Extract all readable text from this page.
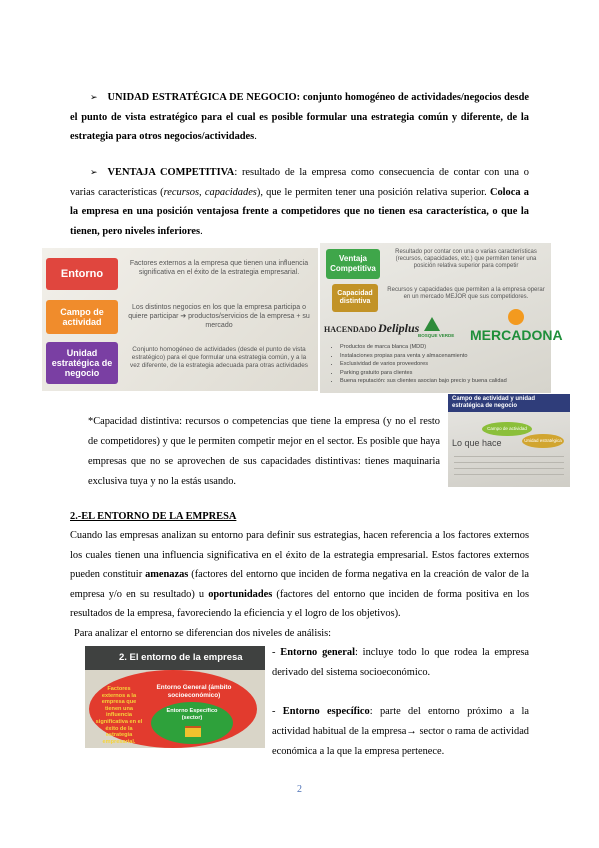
➢ UNIDAD ESTRATÉGICA DE NEGOCIO: conjunto homogéneo de actividades/negocios desde el punto de vista estratégico para el cual es posible formular una estrategia común y diferente, de la estrategia para otros negocios/actividades.

➢ VENTAJA COMPETITIVA: resultado de la empresa como consecuencia de contar con una o varias características (recursos, capacidades), que le permiten tener una posición relativa superior. Coloca a la empresa en una posición ventajosa frente a competidores que no tienen esa característica, o que la tienen, pero niveles inferiores.

Entorno
Factores externos a la empresa que tienen una influencia significativa en el éxito de la estrategia empresarial.
Campo de actividad
Los distintos negocios en los que la empresa participa o quiere participar ➔ productos/servicios de la empresa + su mercado
Unidad estratégica de negocio
Conjunto homogéneo de actividades (desde el punto de vista estratégico) para el que formular una estrategia común, y a la vez diferente, de la estrategia adecuada para otras actividades
Ventaja Competitiva
Resultado por contar con una o varias características (recursos, capacidades, etc.) que permiten tener una posición relativa superior para competir
Capacidad distintiva
Recursos y capacidades que permiten a la empresa operar en un mercado MEJOR que sus competidores.
HACENDADO Deliplus
BOSQUE VERDE MERCADONA
• Productos de marca blanca (MDD)
• Instalaciones propias para venta y almacenamiento
• Exclusividad de varios proveedores
• Parking gratuito para clientes
• Buena reputación: sus clientes asocian bajo precio y buena calidad

*Capacidad distintiva: recursos o competencias que tiene la empresa (y no el resto de competidores) y que le permiten competir mejor en el sector. Es posible que haya empresas que no se aprovechen de sus capacidades distintivas: tienes maquinaria exclusiva tuya y no la estás usando.

Campo de actividad y unidad estratégica de negocio
Lo que hace
Campo de actividad
Unidad estratégica
2.-EL ENTORNO DE LA EMPRESA

Cuando las empresas analizan su entorno para definir sus estrategias, hacen referencia a los factores externos los cuales tienen una influencia significativa en el éxito de la estrategia empresarial. Estos factores externos pueden constituir amenazas (factores del entorno que inciden de forma negativa en la creación de valor de la empresa y/o en su resultado) u oportunidades (factores del entorno que inciden de forma positiva en los resultados de la empresa, favoreciendo la eficiencia y el logro de los objetivos).

Para analizar el entorno se diferencian dos niveles de análisis:

2. El entorno de la empresa
Factores externos a la empresa que tienen una influencia significativa en el éxito de la estrategia empresarial.
Entorno General (ámbito socioeconómico)
Entorno Específico (sector)

- Entorno general: incluye todo lo que rodea la empresa derivado del sistema socioeconómico.

- Entorno específico: parte del entorno próximo a la actividad habitual de la empresa→ sector o rama de actividad económica a la que la empresa pertenece.

2
